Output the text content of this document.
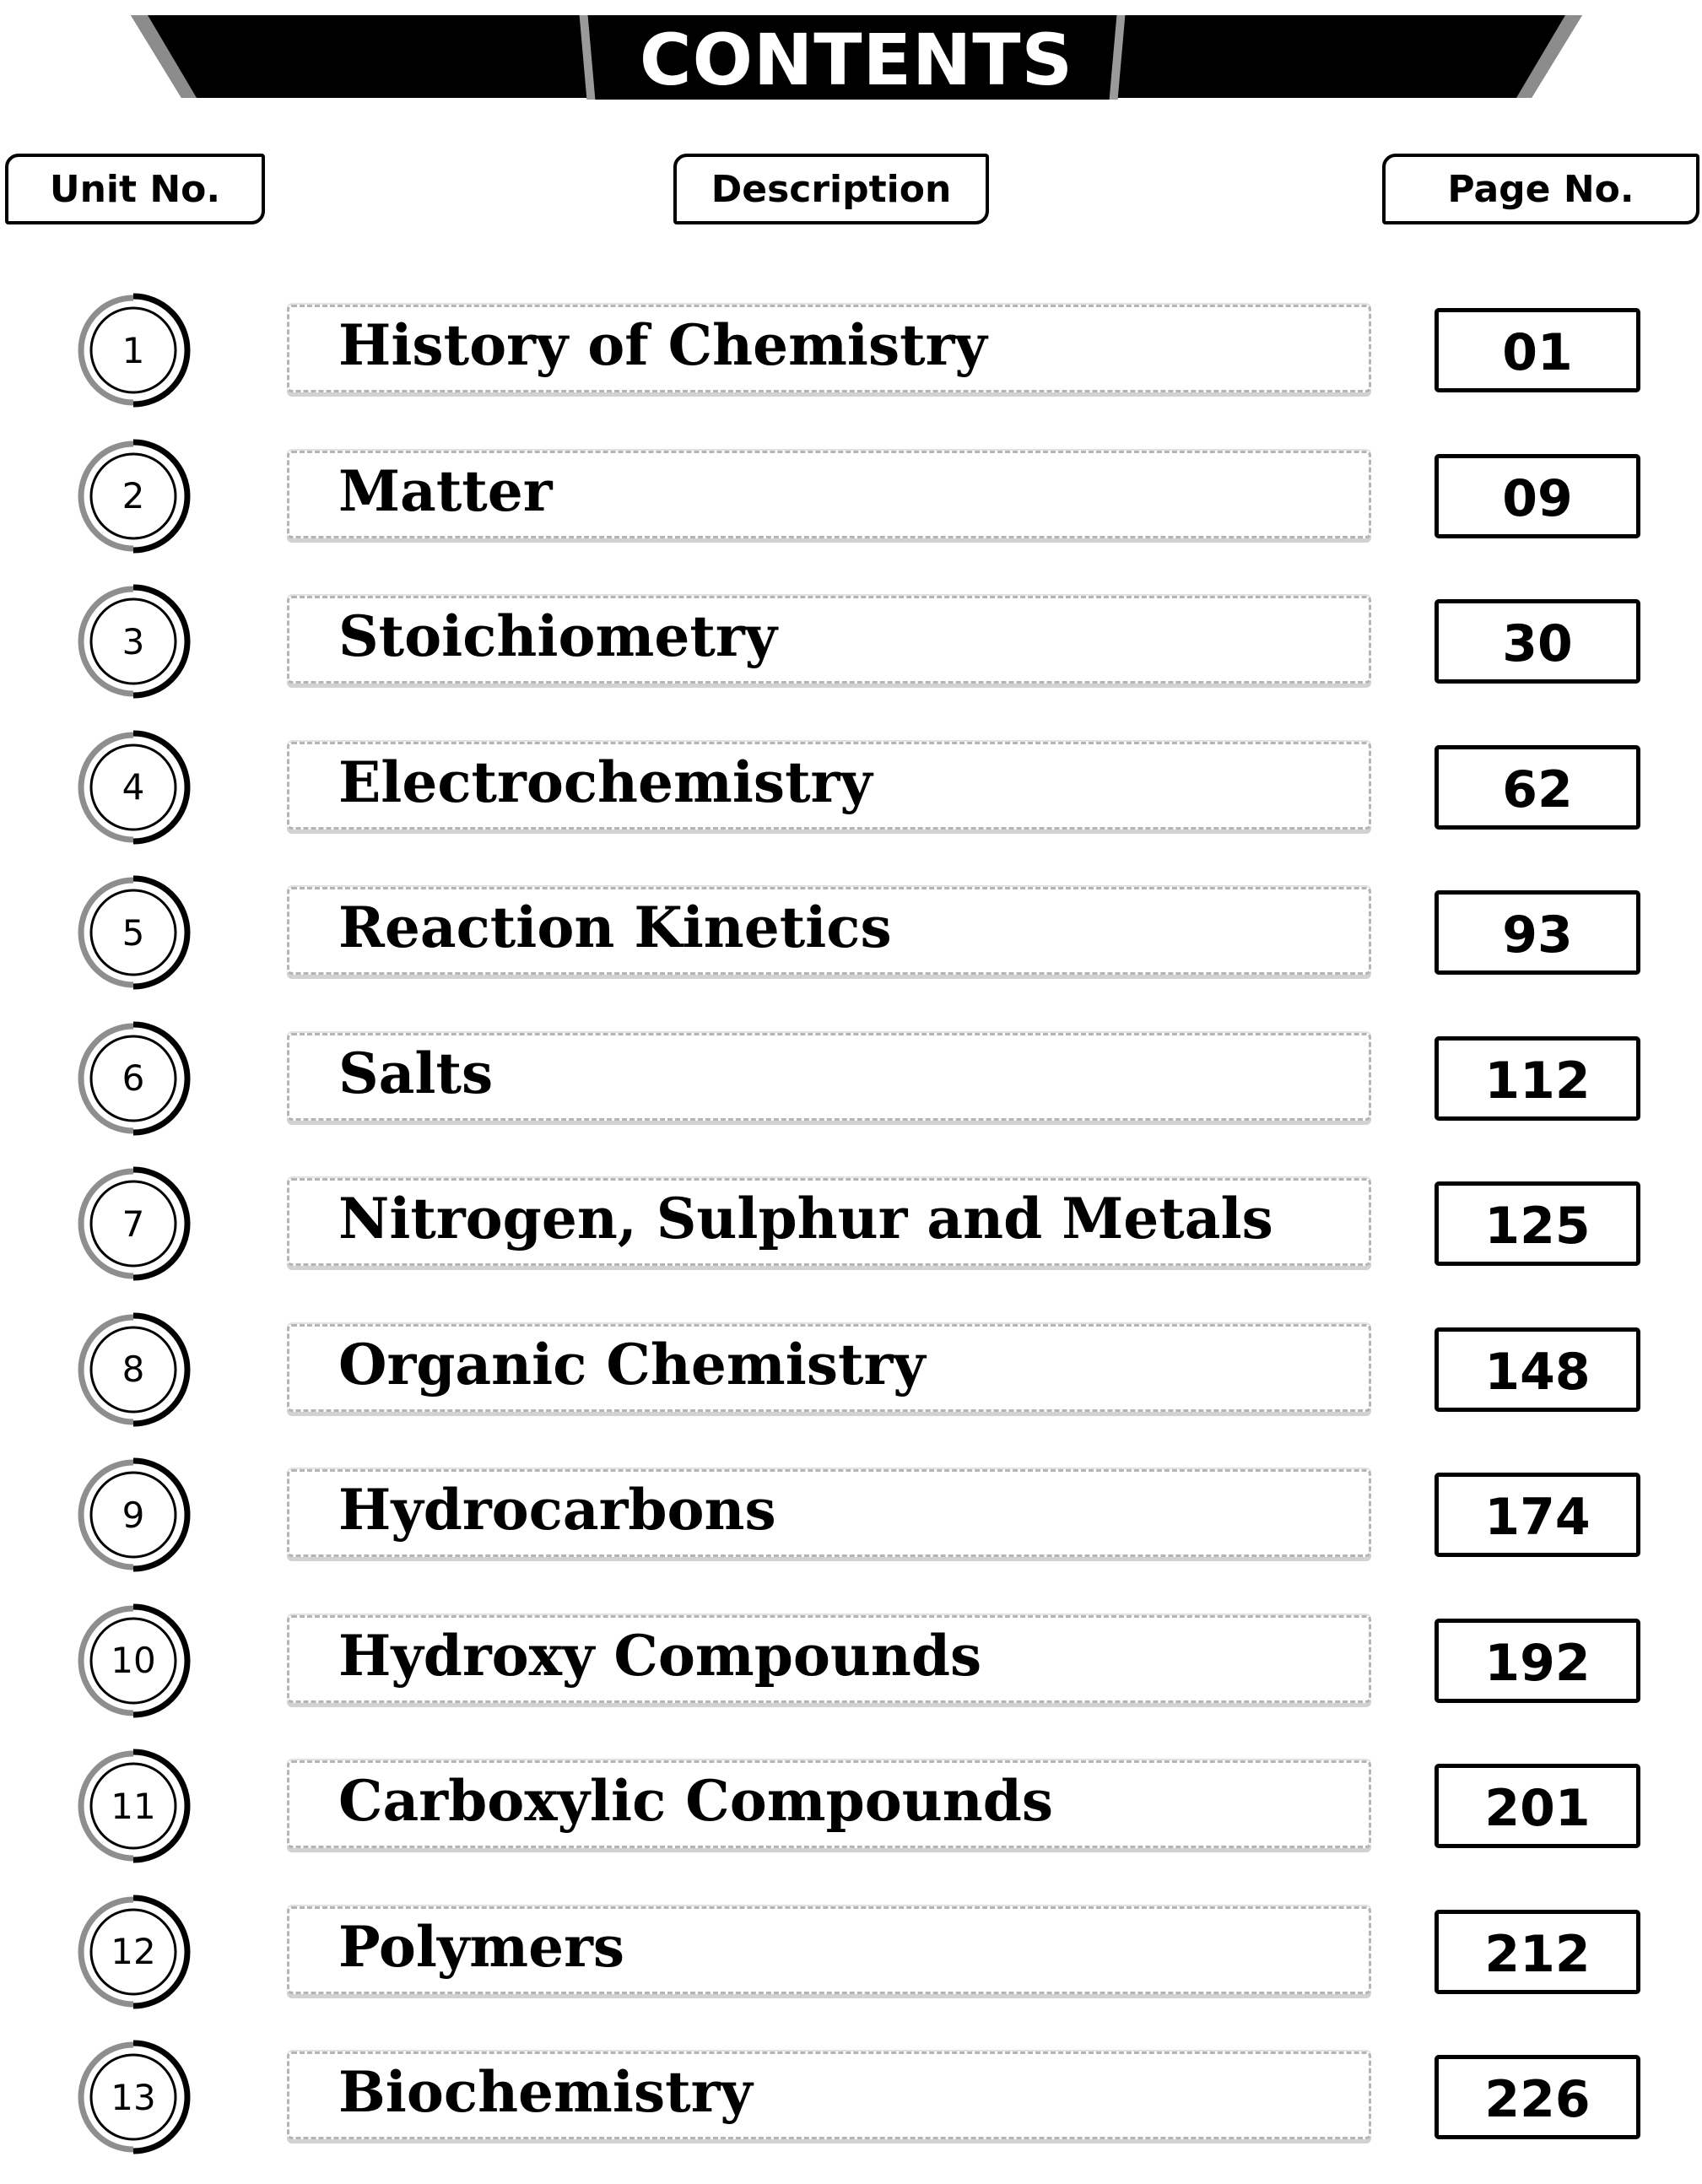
CONTENTS
Unit No.	Description	Page No.
1	History of Chemistry	01
2	Matter	09
3	Stoichiometry	30
4	Electrochemistry	62
5	Reaction Kinetics	93
6	Salts	112
7	Nitrogen, Sulphur and Metals	125
8	Organic Chemistry	148
9	Hydrocarbons	174
10	Hydroxy Compounds	192
11	Carboxylic Compounds	201
12	Polymers	212
13	Biochemistry	226
